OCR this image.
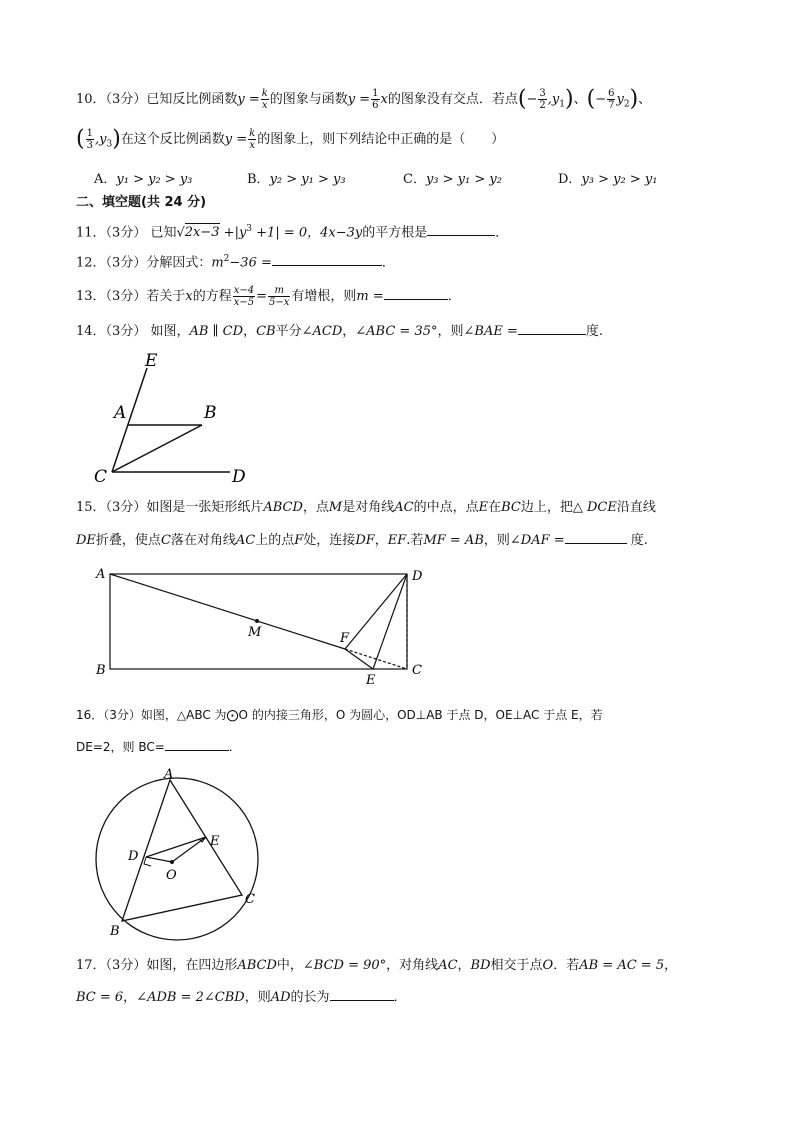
10．（3分）已知反比例函数$y = \frac{k}{x}$ 的图象与函数$y = \frac{1}{6}$ x的图象没有交点．若点(− $\frac{3}{2} ,y_1$)、(− $\frac{6}{7} y_2$)、
( $\frac{1}{3} ,y_3$)在这个反比例函数$y = \frac{k}{x}$ 的图象上，则下列结论中正确的是（　　）
A．y₁ > y₂ > y₃	B．y₂ > y₁ > y₃	C．y₃ > y₁ > y₂	D．y₃ > y₂ > y₁
二、填空题(共 24 分)
11．（3分） 已知$√2x-3 +|y^3 +1| = 0$，4x−3y的平方根是	．
12．（3分）分解因式：$m^2-36$ =	．
13．（3分）若关于x的方程 $\frac{x-4}{x-5} = \frac{m}{5-x}$ 有增根，则m =	．
14．（3分） 如图，AB ∥ CD，CB平分∠ACD，∠ABC = 35°，则∠BAE =	度.
E
A	B
C	D
15．（3分）如图是一张矩形纸片ABCD，点M是对角线AC的中点，点E在BC边上，把△ DCE沿直线
DE折叠，使点C落在对角线AC上的点F处，连接DF，EF.若MF = AB，则∠DAF =	度.
A	D
M	F
B
E
C
16．（3分）如图，△ABC 为⨀O 的内接三角形，O 为圆心，OD⊥AB 于点 D，OE⊥AC 于点 E，若
DE=2，则 BC=	.
A
D
E
O
B
C
17．（3分）如图，在四边形ABCD中，∠BCD = 90°，对角线AC，BD相交于点O．若AB = AC = 5，
BC = 6，∠ADB = 2∠CBD，则AD的长为	．
